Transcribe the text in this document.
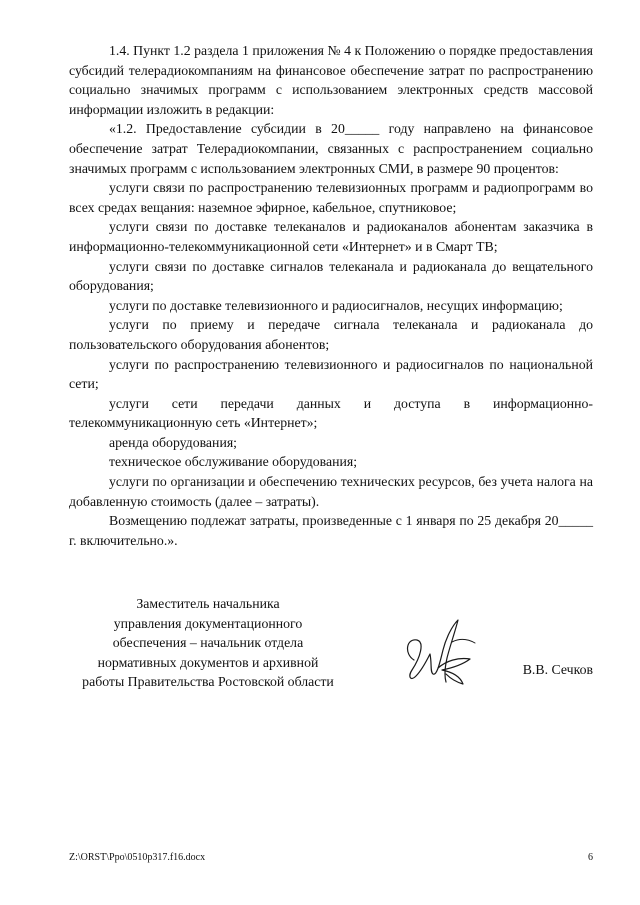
1.4. Пункт 1.2 раздела 1 приложения № 4 к Положению о порядке предоставления субсидий телерадиокомпаниям на финансовое обеспечение затрат по распространению социально значимых программ с использованием электронных средств массовой информации изложить в редакции:

«1.2. Предоставление субсидии в 20_____ году направлено на финансовое обеспечение затрат Телерадиокомпании, связанных с распространением социально значимых программ с использованием электронных СМИ, в размере 90 процентов:

услуги связи по распространению телевизионных программ и радиопрограмм во всех средах вещания: наземное эфирное, кабельное, спутниковое;

услуги связи по доставке телеканалов и радиоканалов абонентам заказчика в информационно-телекоммуникационной сети «Интернет» и в Смарт ТВ;

услуги связи по доставке сигналов телеканала и радиоканала до вещательного оборудования;

услуги по доставке телевизионного и радиосигналов, несущих информацию;

услуги по приему и передаче сигнала телеканала и радиоканала до пользовательского оборудования абонентов;

услуги по распространению телевизионного и радиосигналов по национальной сети;

услуги сети передачи данных и доступа в информационно-телекоммуникационную сеть «Интернет»;

аренда оборудования;

техническое обслуживание оборудования;

услуги по организации и обеспечению технических ресурсов, без учета налога на добавленную стоимость (далее – затраты).

Возмещению подлежат затраты, произведенные с 1 января по 25 декабря 20_____ г. включительно.».

Заместитель начальника
управления документационного
обеспечения – начальник отдела
нормативных документов и архивной
работы Правительства Ростовской области
В.В. Сечков
Z:\ORST\Ppo\0510p317.f16.docx	6
